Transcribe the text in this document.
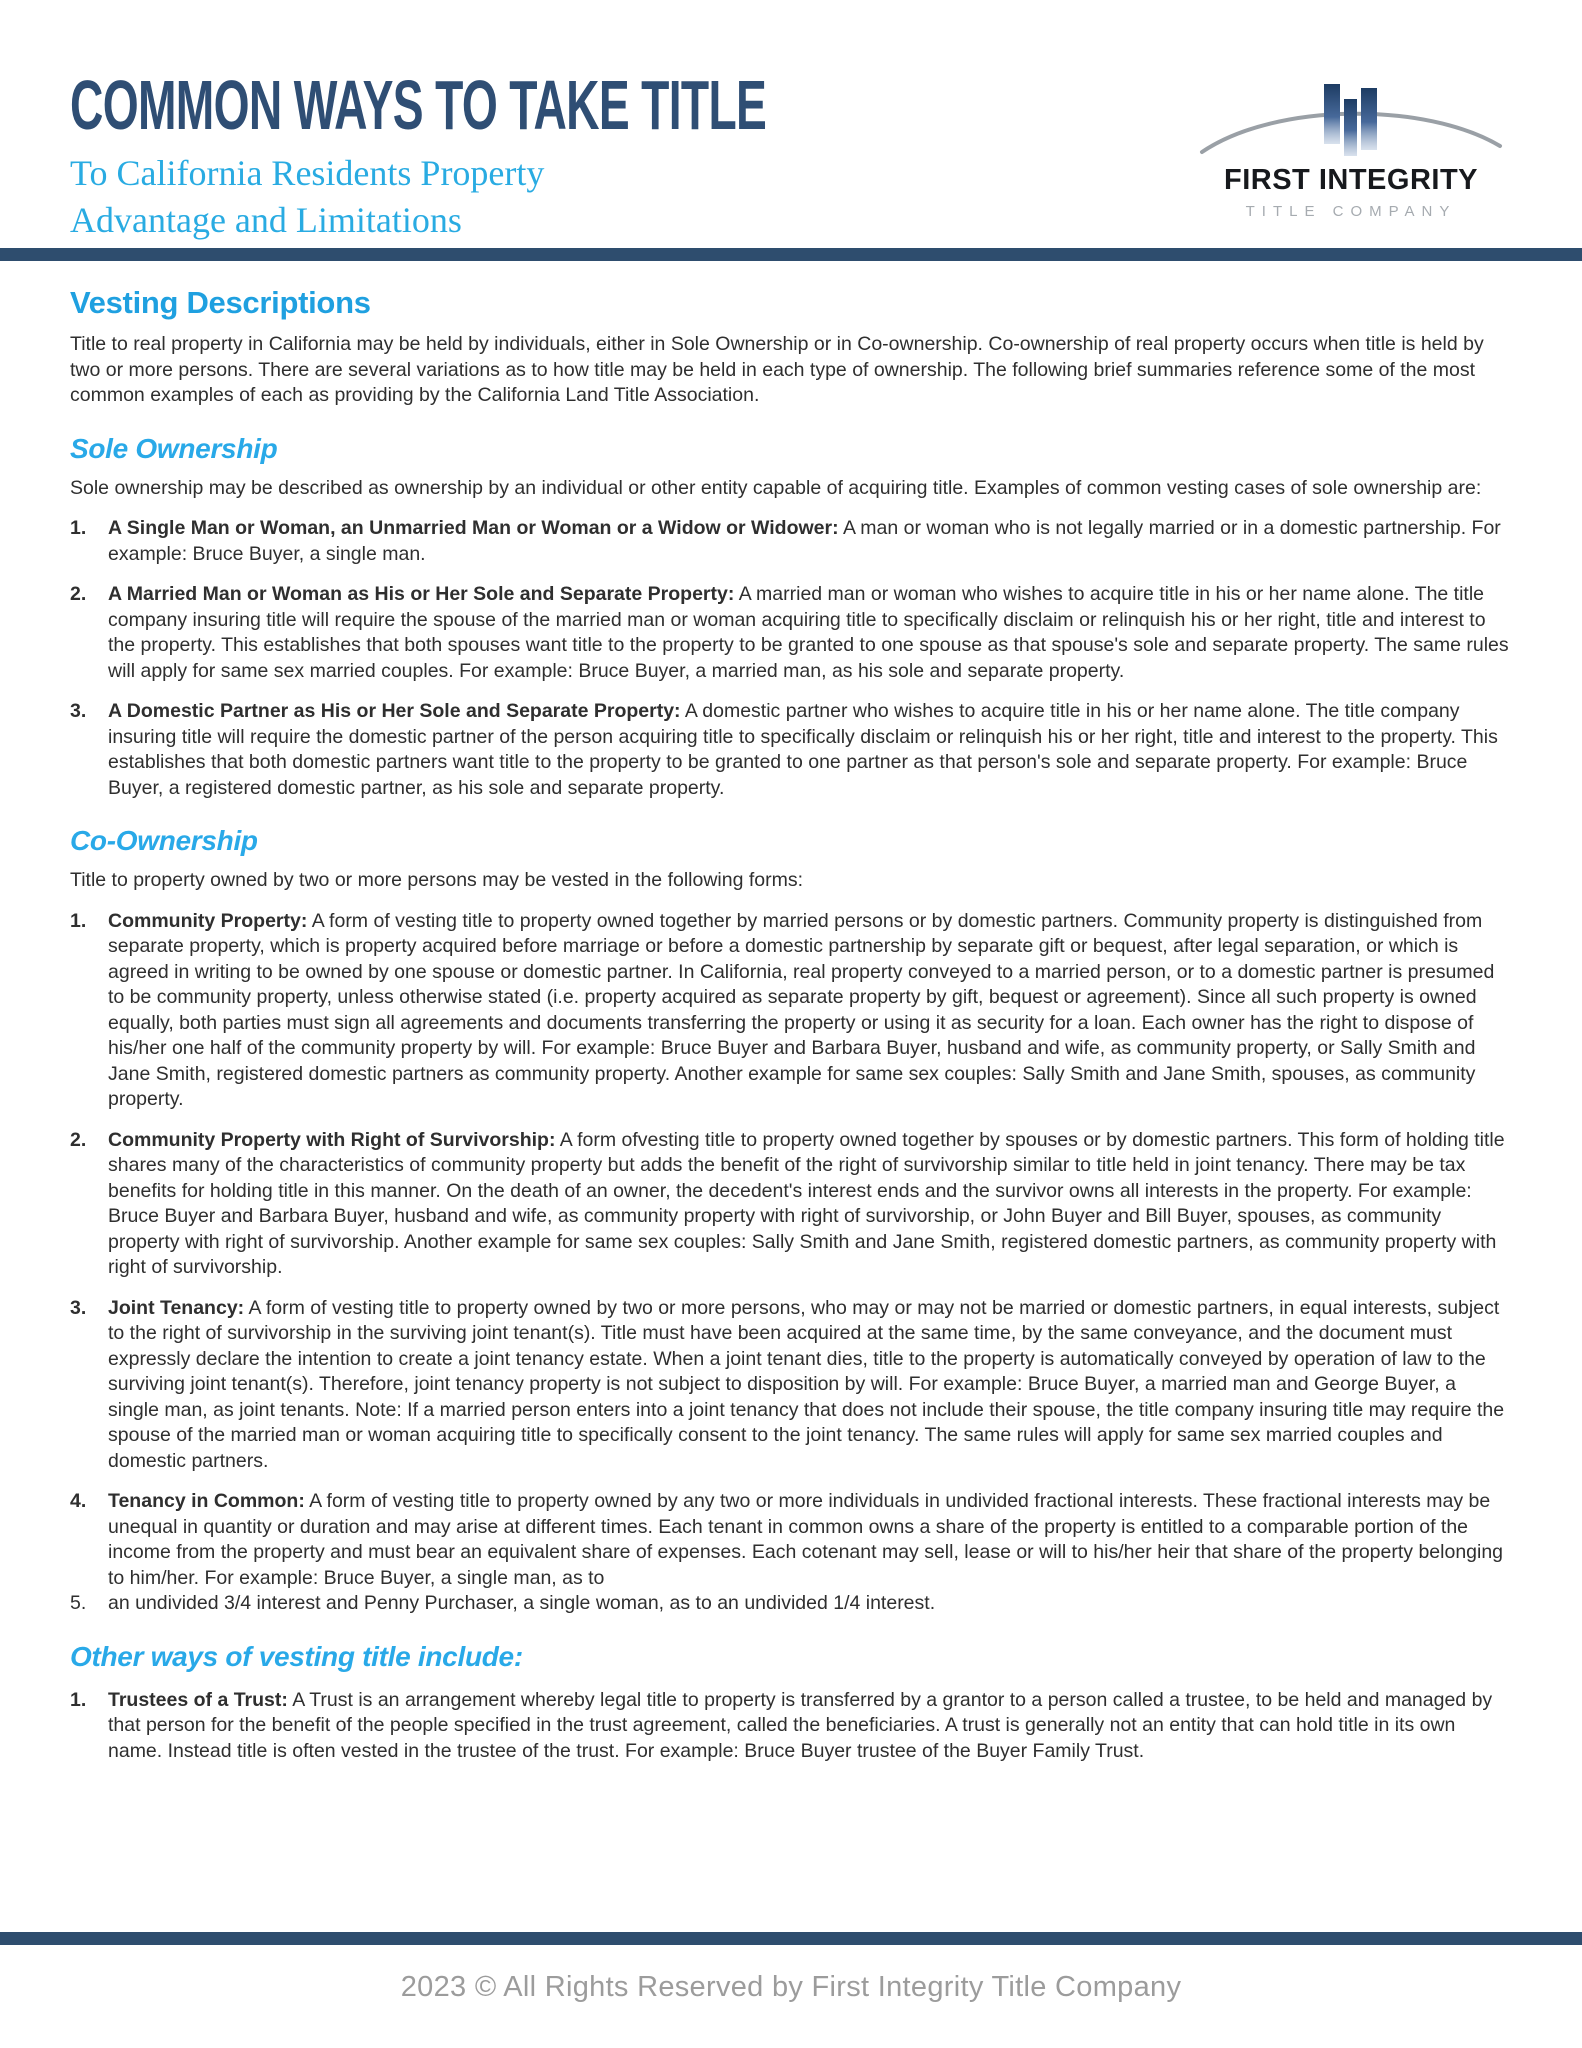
COMMON WAYS TO TAKE TITLE
To California Residents Property
Advantage and Limitations
FIRST INTEGRITY
TITLE COMPANY
Vesting Descriptions
Title to real property in California may be held by individuals, either in Sole Ownership or in Co-ownership. Co-ownership of real property occurs when title is held by two or more persons. There are several variations as to how title may be held in each type of ownership. The following brief summaries reference some of the most common examples of each as providing by the California Land Title Association.
Sole Ownership
Sole ownership may be described as ownership by an individual or other entity capable of acquiring title. Examples of common vesting cases of sole ownership are:
1.	A Single Man or Woman, an Unmarried Man or Woman or a Widow or Widower: A man or woman who is not legally married or in a domestic partnership. For example: Bruce Buyer, a single man.
2.	A Married Man or Woman as His or Her Sole and Separate Property: A married man or woman who wishes to acquire title in his or her name alone. The title company insuring title will require the spouse of the married man or woman acquiring title to specifically disclaim or relinquish his or her right, title and interest to the property. This establishes that both spouses want title to the property to be granted to one spouse as that spouse's sole and separate property. The same rules will apply for same sex married couples. For example: Bruce Buyer, a married man, as his sole and separate property.
3.	A Domestic Partner as His or Her Sole and Separate Property: A domestic partner who wishes to acquire title in his or her name alone. The title company insuring title will require the domestic partner of the person acquiring title to specifically disclaim or relinquish his or her right, title and interest to the property. This establishes that both domestic partners want title to the property to be granted to one partner as that person's sole and separate property. For example: Bruce Buyer, a registered domestic partner, as his sole and separate property.
Co-Ownership
Title to property owned by two or more persons may be vested in the following forms:
1.	Community Property: A form of vesting title to property owned together by married persons or by domestic partners. Community property is distinguished from separate property, which is property acquired before marriage or before a domestic partnership by separate gift or bequest, after legal separation, or which is agreed in writing to be owned by one spouse or domestic partner. In California, real property conveyed to a married person, or to a domestic partner is presumed to be community property, unless otherwise stated (i.e. property acquired as separate property by gift, bequest or agreement). Since all such property is owned equally, both parties must sign all agreements and documents transferring the property or using it as security for a loan. Each owner has the right to dispose of his/her one half of the community property by will. For example: Bruce Buyer and Barbara Buyer, husband and wife, as community property, or Sally Smith and Jane Smith, registered domestic partners as community property. Another example for same sex couples: Sally Smith and Jane Smith, spouses, as community property.
2.	Community Property with Right of Survivorship: A form ofvesting title to property owned together by spouses or by domestic partners. This form of holding title shares many of the characteristics of community property but adds the benefit of the right of survivorship similar to title held in joint tenancy. There may be tax benefits for holding title in this manner. On the death of an owner, the decedent's interest ends and the survivor owns all interests in the property. For example: Bruce Buyer and Barbara Buyer, husband and wife, as community property with right of survivorship, or John Buyer and Bill Buyer, spouses, as community property with right of survivorship. Another example for same sex couples: Sally Smith and Jane Smith, registered domestic partners, as community property with right of survivorship.
3.	Joint Tenancy: A form of vesting title to property owned by two or more persons, who may or may not be married or domestic partners, in equal interests, subject to the right of survivorship in the surviving joint tenant(s). Title must have been acquired at the same time, by the same conveyance, and the document must expressly declare the intention to create a joint tenancy estate. When a joint tenant dies, title to the property is automatically conveyed by operation of law to the surviving joint tenant(s). Therefore, joint tenancy property is not subject to disposition by will. For example: Bruce Buyer, a married man and George Buyer, a single man, as joint tenants. Note: If a married person enters into a joint tenancy that does not include their spouse, the title company insuring title may require the spouse of the married man or woman acquiring title to specifically consent to the joint tenancy. The same rules will apply for same sex married couples and domestic partners.
4.	Tenancy in Common: A form of vesting title to property owned by any two or more individuals in undivided fractional interests. These fractional interests may be unequal in quantity or duration and may arise at different times. Each tenant in common owns a share of the property is entitled to a comparable portion of the income from the property and must bear an equivalent share of expenses. Each cotenant may sell, lease or will to his/her heir that share of the property belonging to him/her. For example: Bruce Buyer, a single man, as to
5.	an undivided 3/4 interest and Penny Purchaser, a single woman, as to an undivided 1/4 interest.
Other ways of vesting title include:
1.	Trustees of a Trust: A Trust is an arrangement whereby legal title to property is transferred by a grantor to a person called a trustee, to be held and managed by that person for the benefit of the people specified in the trust agreement, called the beneficiaries. A trust is generally not an entity that can hold title in its own name. Instead title is often vested in the trustee of the trust. For example: Bruce Buyer trustee of the Buyer Family Trust.
2023 © All Rights Reserved by First Integrity Title Company
